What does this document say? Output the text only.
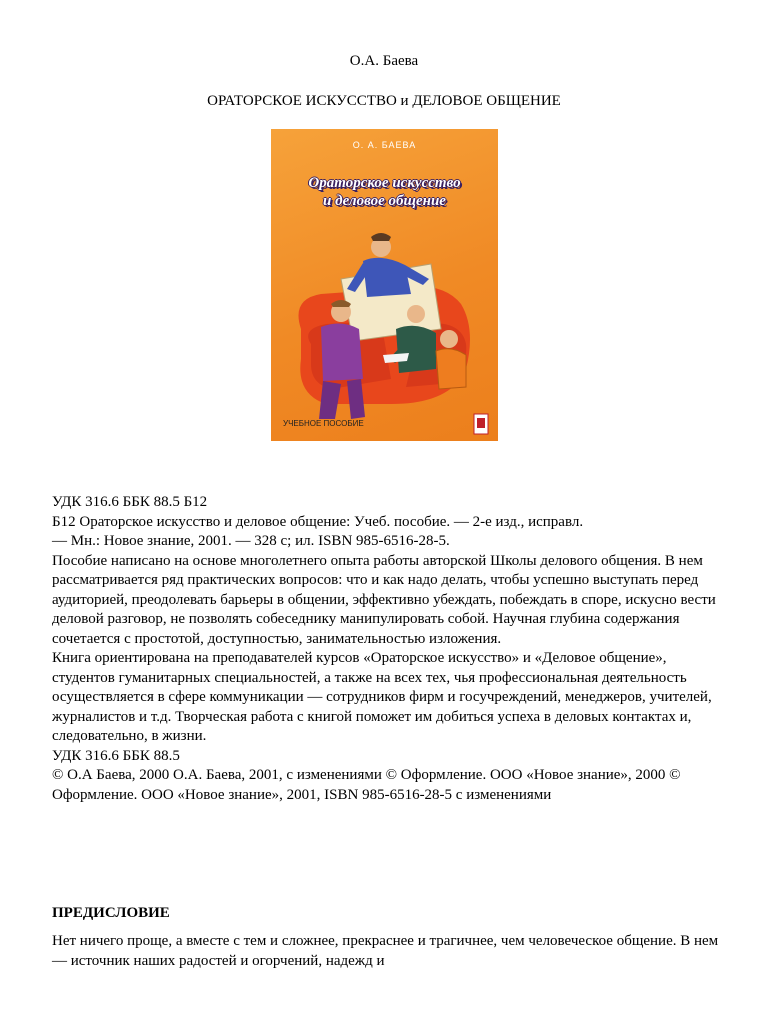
О.А. Баева
ОРАТОРСКОЕ ИСКУССТВО и ДЕЛОВОЕ ОБЩЕНИЕ
О. А. БАЕВА
Ораторское искусство
и деловое общение
УЧЕБНОЕ ПОСОБИЕ

УДК 316.6 ББК 88.5 Б12

Б12 Ораторское искусство и деловое общение: Учеб. пособие. — 2-е изд., исправл.

— Мн.: Новое знание, 2001. — 328 с; ил. ISBN 985-6516-28-5.

Пособие написано на основе многолетнего опыта работы авторской Школы делового общения. В нем рассматривается ряд практических вопросов: что и как надо делать, чтобы успешно выступать перед аудиторией, преодолевать барьеры в общении, эффективно убеждать, побеждать в споре, искусно вести деловой разговор, не позволять собеседнику манипулировать собой. Научная глубина содержания сочетается с простотой, доступностью, занимательностью изложения.

Книга ориентирована на преподавателей курсов «Ораторское искусство» и «Деловое общение», студентов гуманитарных специальностей, а также на всех тех, чья профессиональная деятельность осуществляется в сфере коммуникации — сотрудников фирм и госучреждений, менеджеров, учителей, журналистов и т.д. Творческая работа с книгой поможет им добиться успеха в деловых контактах и, следовательно, в жизни.

УДК 316.6 ББК 88.5

© О.А Баева, 2000 О.А. Баева, 2001, с изменениями © Оформление. ООО «Новое знание», 2000 © Оформление. ООО «Новое знание», 2001, ISBN 985-6516-28-5 с изменениями

ПРЕДИСЛОВИЕ

Нет ничего проще, а вместе с тем и сложнее, прекраснее и трагичнее, чем человеческое общение. В нем — источник наших радостей и огорчений, надежд и
